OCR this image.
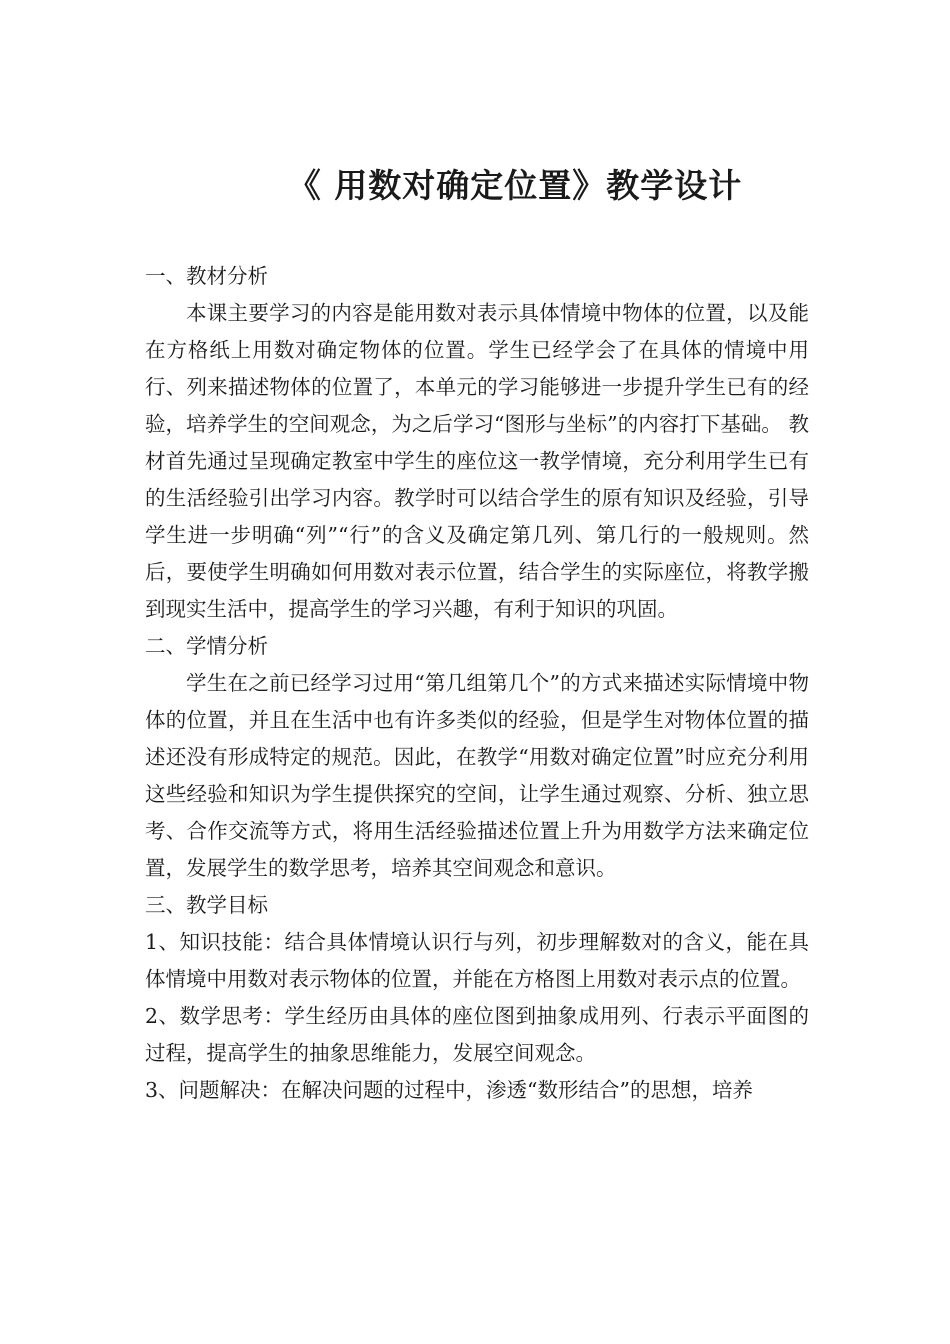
《 用数对确定位置》教学设计

一、教材分析

本课主要学习的内容是能用数对表示具体情境中物体的位置，以及能在方格纸上用数对确定物体的位置。学生已经学会了在具体的情境中用行、列来描述物体的位置了，本单元的学习能够进一步提升学生已有的经验，培养学生的空间观念，为之后学习“图形与坐标”的内容打下基础。 教材首先通过呈现确定教室中学生的座位这一教学情境，充分利用学生已有的生活经验引出学习内容。教学时可以结合学生的原有知识及经验，引导学生进一步明确“列”“行”的含义及确定第几列、第几行的一般规则。然后，要使学生明确如何用数对表示位置，结合学生的实际座位，将教学搬到现实生活中，提高学生的学习兴趣，有利于知识的巩固。

二、学情分析

学生在之前已经学习过用“第几组第几个”的方式来描述实际情境中物体的位置，并且在生活中也有许多类似的经验，但是学生对物体位置的描述还没有形成特定的规范。因此，在教学“用数对确定位置”时应充分利用这些经验和知识为学生提供探究的空间，让学生通过观察、分析、独立思考、合作交流等方式，将用生活经验描述位置上升为用数学方法来确定位置，发展学生的数学思考，培养其空间观念和意识。

三、教学目标

1、知识技能：结合具体情境认识行与列，初步理解数对的含义，能在具体情境中用数对表示物体的位置，并能在方格图上用数对表示点的位置。

2、数学思考：学生经历由具体的座位图到抽象成用列、行表示平面图的过程，提高学生的抽象思维能力，发展空间观念。

3、问题解决：在解决问题的过程中，渗透“数形结合”的思想，培养
